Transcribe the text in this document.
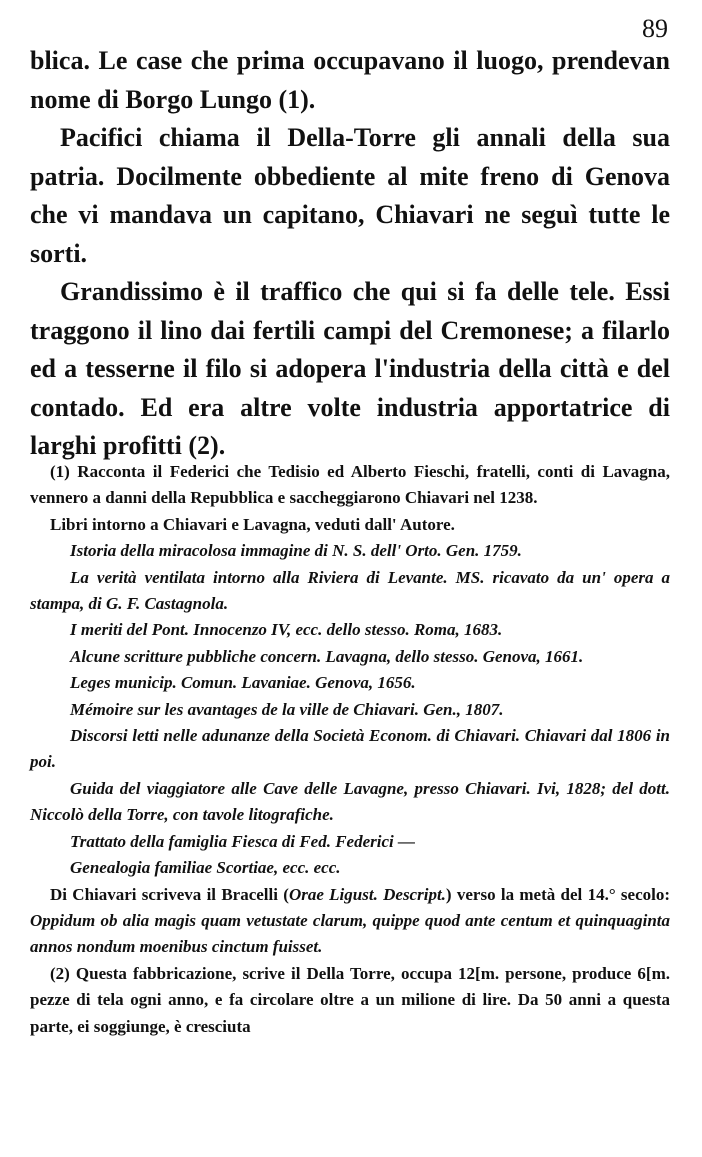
89

blica. Le case che prima occupavano il luogo, prendevan nome di Borgo Lungo (1).

Pacifici chiama il Della-Torre gli annali della sua patria. Docilmente obbediente al mite freno di Genova che vi mandava un capitano, Chiavari ne seguì tutte le sorti.

Grandissimo è il traffico che qui si fa delle tele. Essi traggono il lino dai fertili campi del Cremonese; a filarlo ed a tesserne il filo si adopera l'industria della città e del contado. Ed era altre volte industria apportatrice di larghi profitti (2).

(1) Racconta il Federici che Tedisio ed Alberto Fieschi, fratelli, conti di Lavagna, vennero a danni della Repubblica e saccheggiarono Chiavari nel 1238.

Libri intorno a Chiavari e Lavagna, veduti dall' Autore.

Istoria della miracolosa immagine di N. S. dell' Orto. Gen. 1759.

La verità ventilata intorno alla Riviera di Levante. MS. ricavato da un' opera a stampa, di G. F. Castagnola.

I meriti del Pont. Innocenzo IV, ecc. dello stesso. Roma, 1683.

Alcune scritture pubbliche concern. Lavagna, dello stesso. Genova, 1661.

Leges municip. Comun. Lavaniae. Genova, 1656.

Mémoire sur les avantages de la ville de Chiavari. Gen., 1807.

Discorsi letti nelle adunanze della Società Econom. di Chiavari. Chiavari dal 1806 in poi.

Guida del viaggiatore alle Cave delle Lavagne, presso Chiavari. Ivi, 1828; del dott. Niccolò della Torre, con tavole litografiche.

Trattato della famiglia Fiesca di Fed. Federici —

Genealogia familiae Scortiae, ecc. ecc.

Di Chiavari scriveva il Bracelli (Orae Ligust. Descript.) verso la metà del 14.° secolo: Oppidum ob alia magis quam vetustate clarum, quippe quod ante centum et quinquaginta annos nondum moenibus cinctum fuisset.

(2) Questa fabbricazione, scrive il Della Torre, occupa 12[m. persone, produce 6[m. pezze di tela ogni anno, e fa circolare oltre a un milione di lire. Da 50 anni a questa parte, ei soggiunge, è cresciuta
